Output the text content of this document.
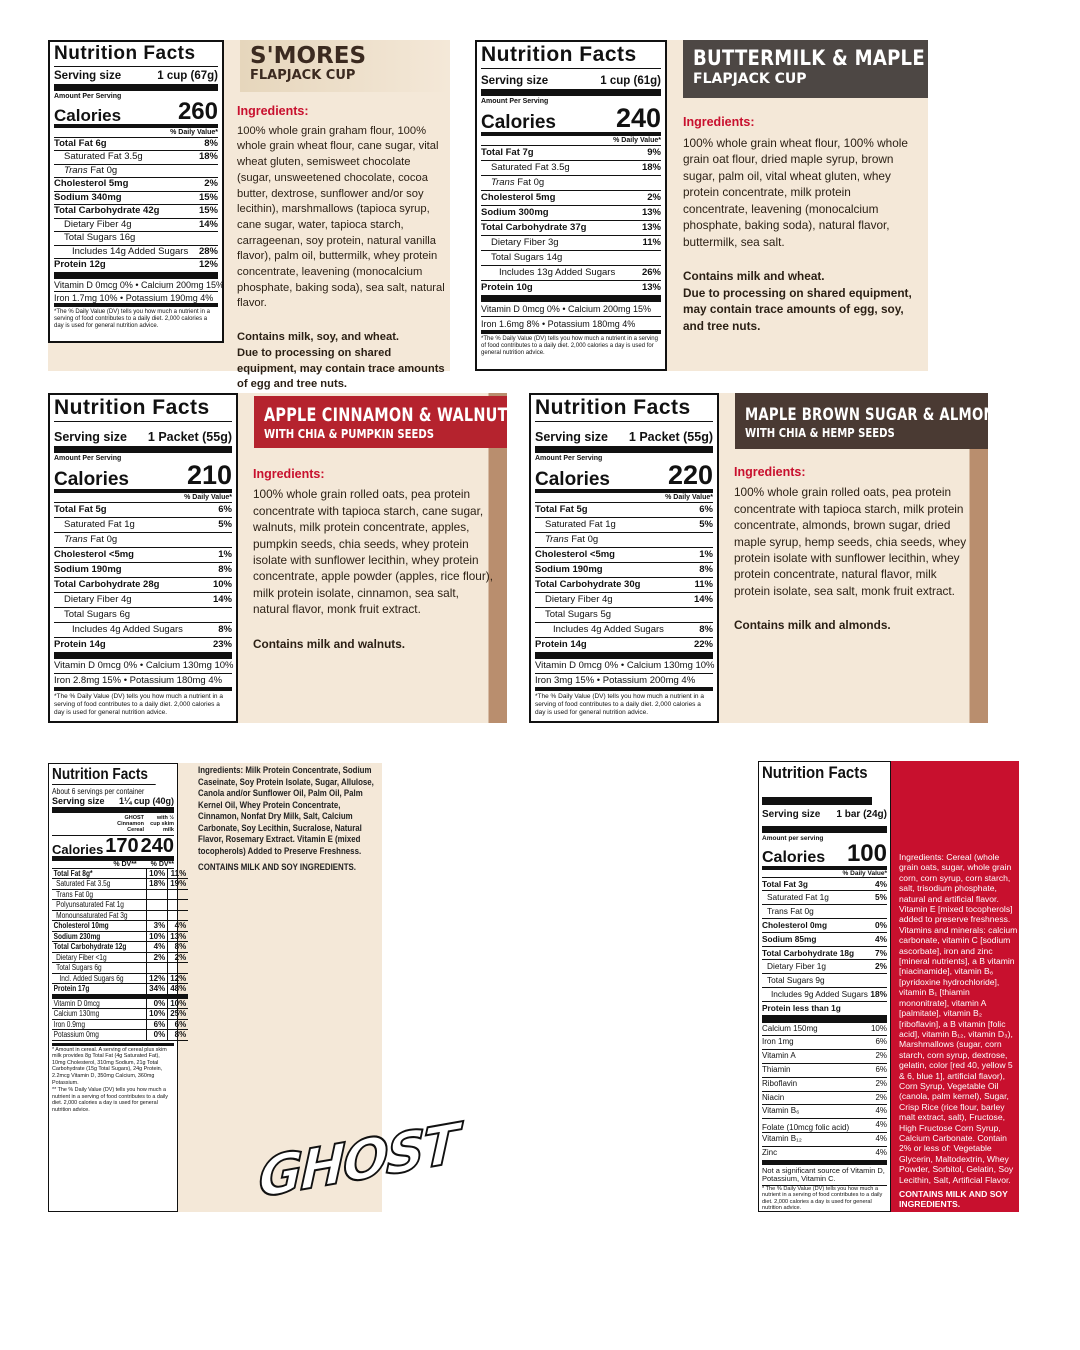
Nutrition Facts
Serving size	1 cup (67g)
Amount Per Serving
Calories 260
% Daily Value*
Total Fat 6g	8%
Saturated Fat 3.5g	18%
Trans Fat 0g
Cholesterol 5mg	2%
Sodium 340mg	15%
Total Carbohydrate 42g	15%
Dietary Fiber 4g	14%
Total Sugars 16g
Includes 14g Added Sugars 28%
Protein 12g	12%
Vitamin D 0mcg 0% • Calcium 200mg 15%
Iron 1.7mg 10% • Potassium 190mg 4%
*The % Daily Value (DV) tells you how much a nutrient in a serving of food contributes to a daily diet. 2,000 calories a day is used for general nutrition advice.
S'MORES
FLAPJACK CUP
Ingredients:
100% whole grain graham flour, 100% whole grain wheat flour, cane sugar, vital wheat gluten, semisweet chocolate (sugar, unsweetened chocolate, cocoa butter, dextrose, sunflower and/or soy lecithin), marshmallows (tapioca syrup, cane sugar, water, tapioca starch, carrageenan, soy protein, natural vanilla flavor), palm oil, buttermilk, whey protein concentrate, leavening (monocalcium phosphate, baking soda), sea salt, natural flavor.
Contains milk, soy, and wheat.
Due to processing on shared equipment, may contain trace amounts of egg and tree nuts.
Nutrition Facts
Serving size	1 cup (61g)
Amount Per Serving
Calories 240
% Daily Value*
Total Fat 7g	9%
Saturated Fat 3.5g	18%
Trans Fat 0g
Cholesterol 5mg	2%
Sodium 300mg	13%
Total Carbohydrate 37g	13%
Dietary Fiber 3g	11%
Total Sugars 14g
Includes 13g Added Sugars	26%
Protein 10g	13%
Vitamin D 0mcg 0% • Calcium 200mg 15%
Iron 1.6mg 8% • Potassium 180mg 4%
*The % Daily Value (DV) tells you how much a nutrient in a serving of food contributes to a daily diet. 2,000 calories a day is used for general nutrition advice.
BUTTERMILK & MAPLE
FLAPJACK CUP
Ingredients:
100% whole grain wheat flour, 100% whole grain oat flour, dried maple syrup, brown sugar, palm oil, vital wheat gluten, whey protein concentrate, milk protein concentrate, leavening (monocalcium phosphate, baking soda), natural flavor, buttermilk, sea salt.
Contains milk and wheat.
Due to processing on shared equipment, may contain trace amounts of egg, soy, and tree nuts.
Nutrition Facts
Serving size 1 Packet (55g)
Amount Per Serving
Calories 210
% Daily Value*
Total Fat 5g	6%
Saturated Fat 1g	5%
Trans Fat 0g
Cholesterol <5mg	1%
Sodium 190mg	8%
Total Carbohydrate 28g	10%
Dietary Fiber 4g	14%
Total Sugars 6g
Includes 4g Added Sugars	8%
Protein 14g	23%
Vitamin D 0mcg 0% • Calcium 130mg 10%
Iron 2.8mg 15% • Potassium 180mg 4%
*The % Daily Value (DV) tells you how much a nutrient in a serving of food contributes to a daily diet. 2,000 calories a day is used for general nutrition advice.
APPLE CINNAMON & WALNUT
WITH CHIA & PUMPKIN SEEDS
Ingredients:
100% whole grain rolled oats, pea protein concentrate with tapioca starch, cane sugar, walnuts, milk protein concentrate, apples, pumpkin seeds, chia seeds, whey protein isolate with sunflower lecithin, whey protein concentrate, apple powder (apples, rice flour), milk protein isolate, cinnamon, sea salt, natural flavor, monk fruit extract.
Contains milk and walnuts.
Nutrition Facts
Serving size 1 Packet (55g)
Amount Per Serving
Calories 220
% Daily Value*
Total Fat 5g	6%
Saturated Fat 1g	5%
Trans Fat 0g
Cholesterol <5mg	1%
Sodium 190mg	8%
Total Carbohydrate 30g	11%
Dietary Fiber 4g	14%
Total Sugars 5g
Includes 4g Added Sugars	8%
Protein 14g	22%
Vitamin D 0mcg 0% • Calcium 130mg 10%
Iron 3mg 15% • Potassium 200mg 4%
*The % Daily Value (DV) tells you how much a nutrient in a serving of food contributes to a daily diet. 2,000 calories a day is used for general nutrition advice.
MAPLE BROWN SUGAR & ALMOND
WITH CHIA & HEMP SEEDS
Ingredients:
100% whole grain rolled oats, pea protein concentrate with tapioca starch, milk protein concentrate, almonds, brown sugar, dried maple syrup, hemp seeds, chia seeds, whey protein isolate with sunflower lecithin, whey protein concentrate, natural flavor, milk protein isolate, sea salt, monk fruit extract.
Contains milk and almonds.
Nutrition Facts
About 6 servings per container
Serving size 1¼ cup (40g)
GHOST Cinnamon Cereal
with ½ cup skim milk
Calories 170 240
% DV** % DV**
Total Fat 8g*	10%	11%
Saturated Fat 3.5g	18%	19%
Trans Fat 0g		
Polyunsaturated Fat 1g		
Monounsaturated Fat 3g		
Cholesterol 10mg	3%	4%
Sodium 230mg	10%	13%
Total Carbohydrate 12g	4%	8%
Dietary Fiber <1g	2%	2%
Total Sugars 6g		
Incl. Added Sugars 6g	12%	12%
Protein 17g	34%	48%
Vitamin D 0mcg	0%	10%
Calcium 130mg	10%	25%
Iron 0.9mg	6%	6%
Potassium 0mg	0%	8%
* Amount in cereal. A serving of cereal plus skim milk provides 8g Total Fat (4g Saturated Fat), 10mg Cholesterol, 310mg Sodium, 21g Total Carbohydrate (15g Total Sugars), 24g Protein, 2.2mcg Vitamin D, 350mg Calcium, 360mg Potassium.
** The % Daily Value (DV) tells you how much a nutrient in a serving of food contributes to a daily diet. 2,000 calories a day is used for general nutrition advice.
Ingredients: Milk Protein Concentrate, Sodium Caseinate, Soy Protein Isolate, Sugar, Allulose, Canola and/or Sunflower Oil, Palm Oil, Palm Kernel Oil, Whey Protein Concentrate, Cinnamon, Nonfat Dry Milk, Salt, Calcium Carbonate, Soy Lecithin, Sucralose, Natural Flavor, Rosemary Extract. Vitamin E (mixed tocopherols) Added to Preserve Freshness.
CONTAINS MILK AND SOY INGREDIENTS.
GHOST
Nutrition Facts
Serving size 1 bar (24g)
Amount per serving
Calories 100
% Daily Value*
Total Fat 3g	4%
Saturated Fat 1g	5%
Trans Fat 0g
Cholesterol 0mg	0%
Sodium 85mg	4%
Total Carbohydrate 18g	7%
Dietary Fiber 1g	2%
Total Sugars 9g
Includes 9g Added Sugars 18%
Protein less than 1g
Calcium 150mg	10%
Iron 1mg	6%
Vitamin A	2%
Thiamin	6%
Riboflavin	2%
Niacin	2%
Vitamin B₆	4%
Folate (10mcg folic acid)	4%
Vitamin B₁₂	4%
Zinc	4%
Not a significant source of Vitamin D, Potassium, Vitamin C.
* The % Daily Value (DV) tells you how much a nutrient in a serving of food contributes to a daily diet. 2,000 calories a day is used for general nutrition advice.
Ingredients: Cereal (whole grain oats, sugar, whole grain corn, corn syrup, corn starch, salt, trisodium phosphate, natural and artificial flavor. Vitamin E [mixed tocopherols] added to preserve freshness. Vitamins and minerals: calcium carbonate, vitamin C [sodium ascorbate], iron and zinc [mineral nutrients], a B vitamin [niacinamide], vitamin B₆ [pyridoxine hydrochloride], vitamin B₁ [thiamin mononitrate], vitamin A [palmitate], vitamin B₂ [riboflavin], a B vitamin [folic acid], vitamin B₁₂, vitamin D₃), Marshmallows (sugar, corn starch, corn syrup, dextrose, gelatin, color [red 40, yellow 5 & 6, blue 1], artificial flavor), Corn Syrup, Vegetable Oil (canola, palm kernel), Sugar, Crisp Rice (rice flour, barley malt extract, salt), Fructose, High Fructose Corn Syrup, Calcium Carbonate. Contain 2% or less of: Vegetable Glycerin, Maltodextrin, Whey Powder, Sorbitol, Gelatin, Soy Lecithin, Salt, Artificial Flavor.
CONTAINS MILK AND SOY INGREDIENTS.
